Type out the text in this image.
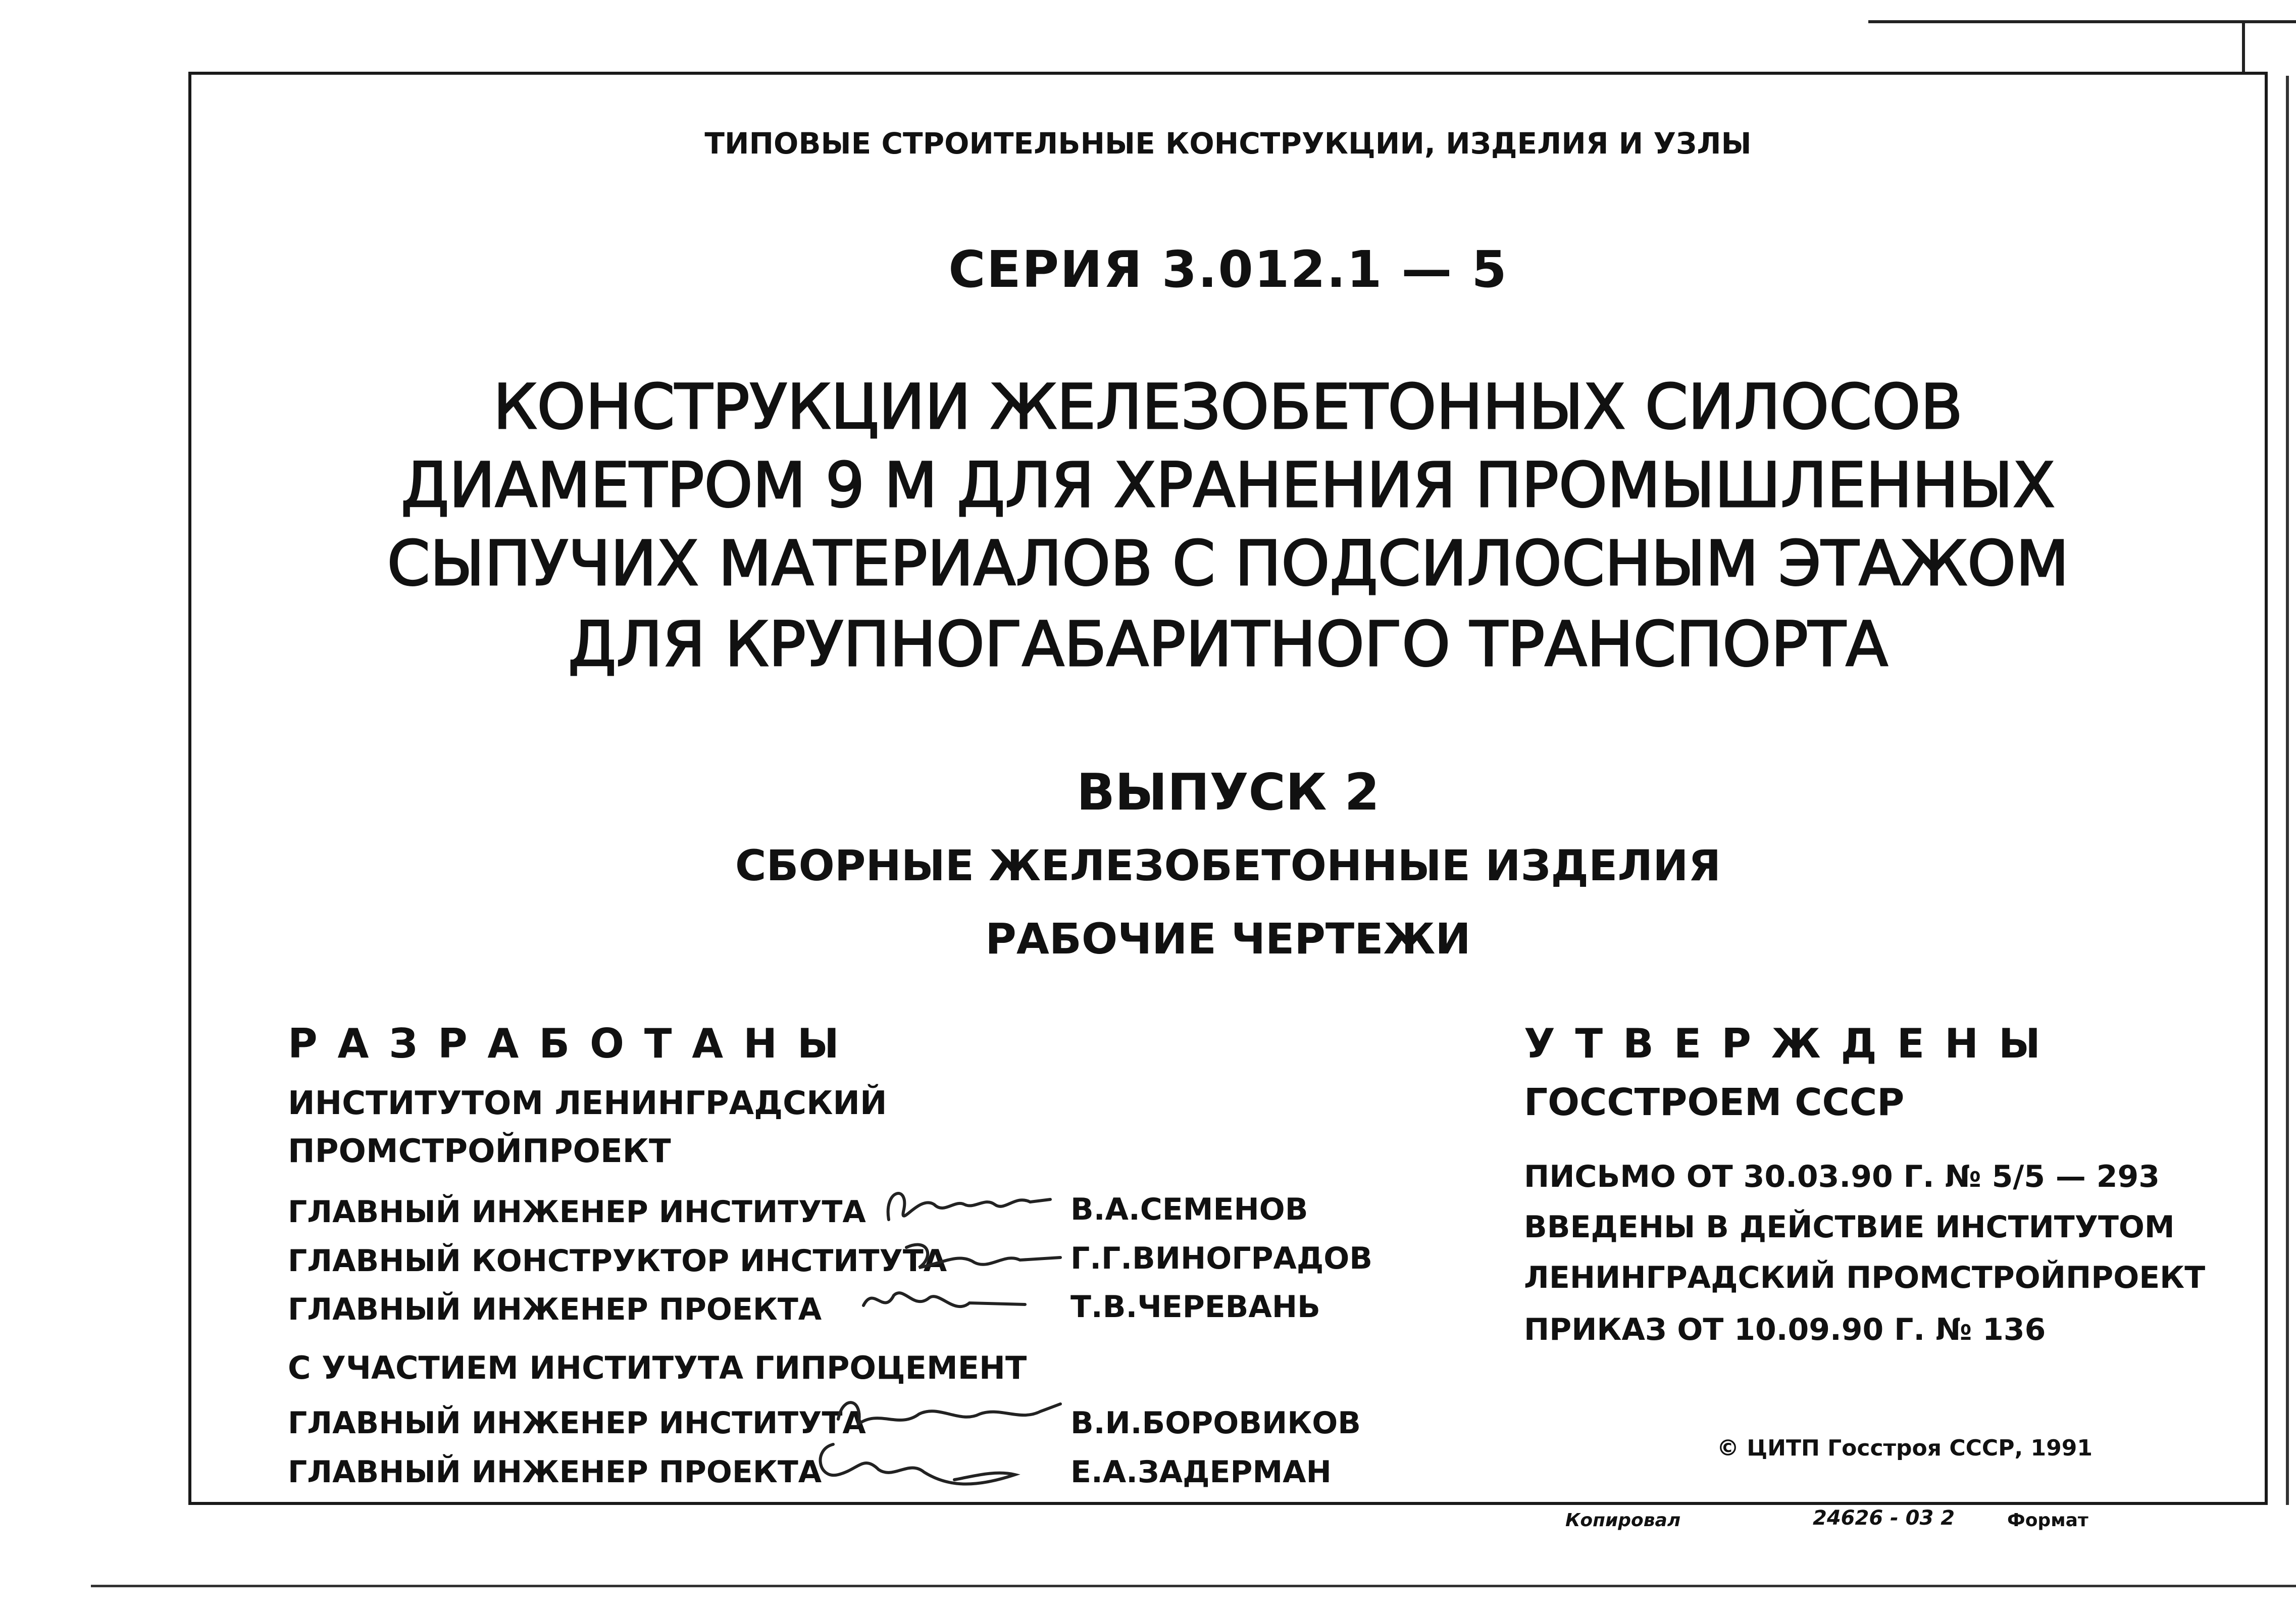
ТИПОВЫЕ СТРОИТЕЛЬНЫЕ КОНСТРУКЦИИ, ИЗДЕЛИЯ И УЗЛЫ
СЕРИЯ 3.012.1 — 5
КОНСТРУКЦИИ ЖЕЛЕЗОБЕТОННЫХ СИЛОСОВ
ДИАМЕТРОМ 9 М ДЛЯ ХРАНЕНИЯ ПРОМЫШЛЕННЫХ
СЫПУЧИХ МАТЕРИАЛОВ С ПОДСИЛОСНЫМ ЭТАЖОМ
ДЛЯ КРУПНОГАБАРИТНОГО ТРАНСПОРТА
ВЫПУСК 2
СБОРНЫЕ ЖЕЛЕЗОБЕТОННЫЕ ИЗДЕЛИЯ
РАБОЧИЕ ЧЕРТЕЖИ
Р А З Р А Б О Т А Н Ы
ИНСТИТУТОМ ЛЕНИНГРАДСКИЙ
ПРОМСТРОЙПРОЕКТ
ГЛАВНЫЙ ИНЖЕНЕР ИНСТИТУТА	В.А.СЕМЕНОВ
ГЛАВНЫЙ КОНСТРУКТОР ИНСТИТУТА	Г.Г.ВИНОГРАДОВ
ГЛАВНЫЙ ИНЖЕНЕР ПРОЕКТА	Т.В.ЧЕРЕВАНЬ
С УЧАСТИЕМ ИНСТИТУТА ГИПРОЦЕМЕНТ
ГЛАВНЫЙ ИНЖЕНЕР ИНСТИТУТА	В.И.БОРОВИКОВ
ГЛАВНЫЙ ИНЖЕНЕР ПРОЕКТА	Е.А.ЗАДЕРМАН
У Т В Е Р Ж Д Е Н Ы
ГОССТРОЕМ СССР
ПИСЬМО ОТ 30.03.90 Г. № 5/5 — 293
ВВЕДЕНЫ В ДЕЙСТВИЕ ИНСТИТУТОМ
ЛЕНИНГРАДСКИЙ ПРОМСТРОЙПРОЕКТ
ПРИКАЗ ОТ 10.09.90 Г. № 136
© ЦИТП Госстроя СССР, 1991
Копировал	24626 - 03 2	Формат
